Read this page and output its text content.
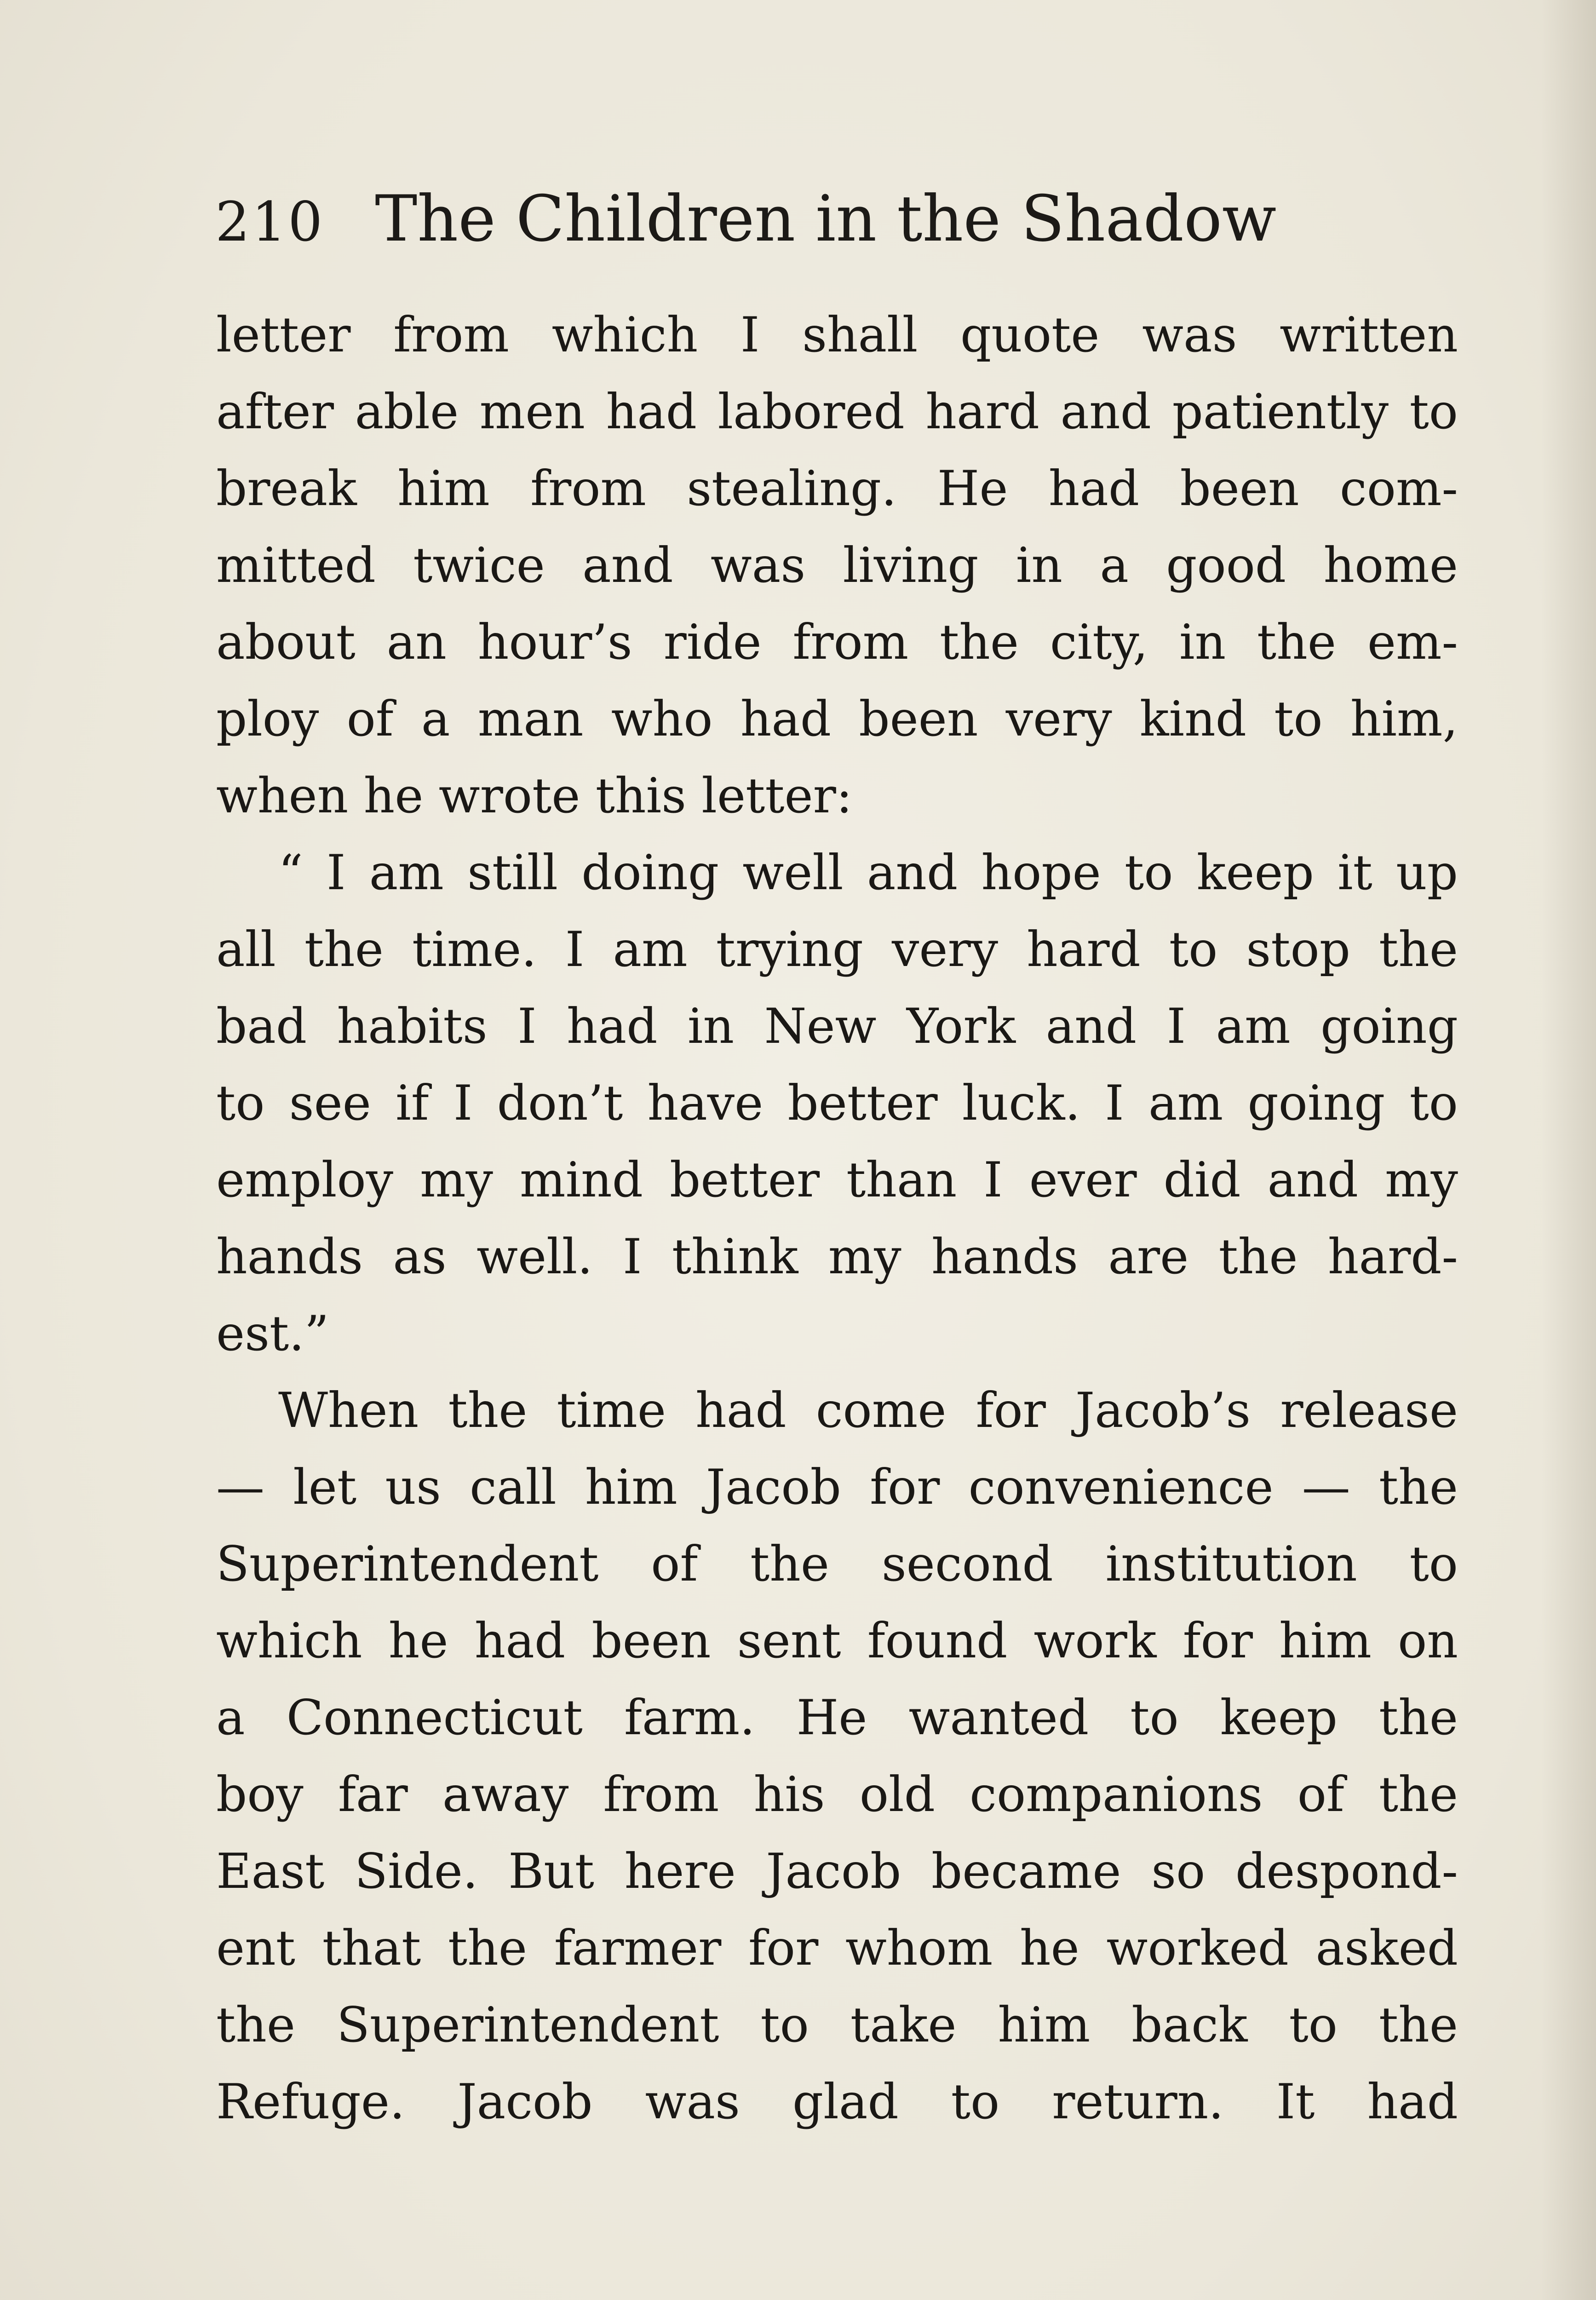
210 The Children in the Shadow
letter from which I shall quote was written
after able men had labored hard and patiently to
break him from stealing. He had been com-
mitted twice and was living in a good home
about an hour’s ride from the city, in the em-
ploy of a man who had been very kind to him,
when he wrote this letter:
“ I am still doing well and hope to keep it up
all the time. I am trying very hard to stop the
bad habits I had in New York and I am going
to see if I don’t have better luck. I am going to
employ my mind better than I ever did and my
hands as well. I think my hands are the hard-
est.”
When the time had come for Jacob’s release
— let us call him Jacob for convenience — the
Superintendent of the second institution to
which he had been sent found work for him on
a Connecticut farm. He wanted to keep the
boy far away from his old companions of the
East Side. But here Jacob became so despond-
ent that the farmer for whom he worked asked
the Superintendent to take him back to the
Refuge. Jacob was glad to return. It had
